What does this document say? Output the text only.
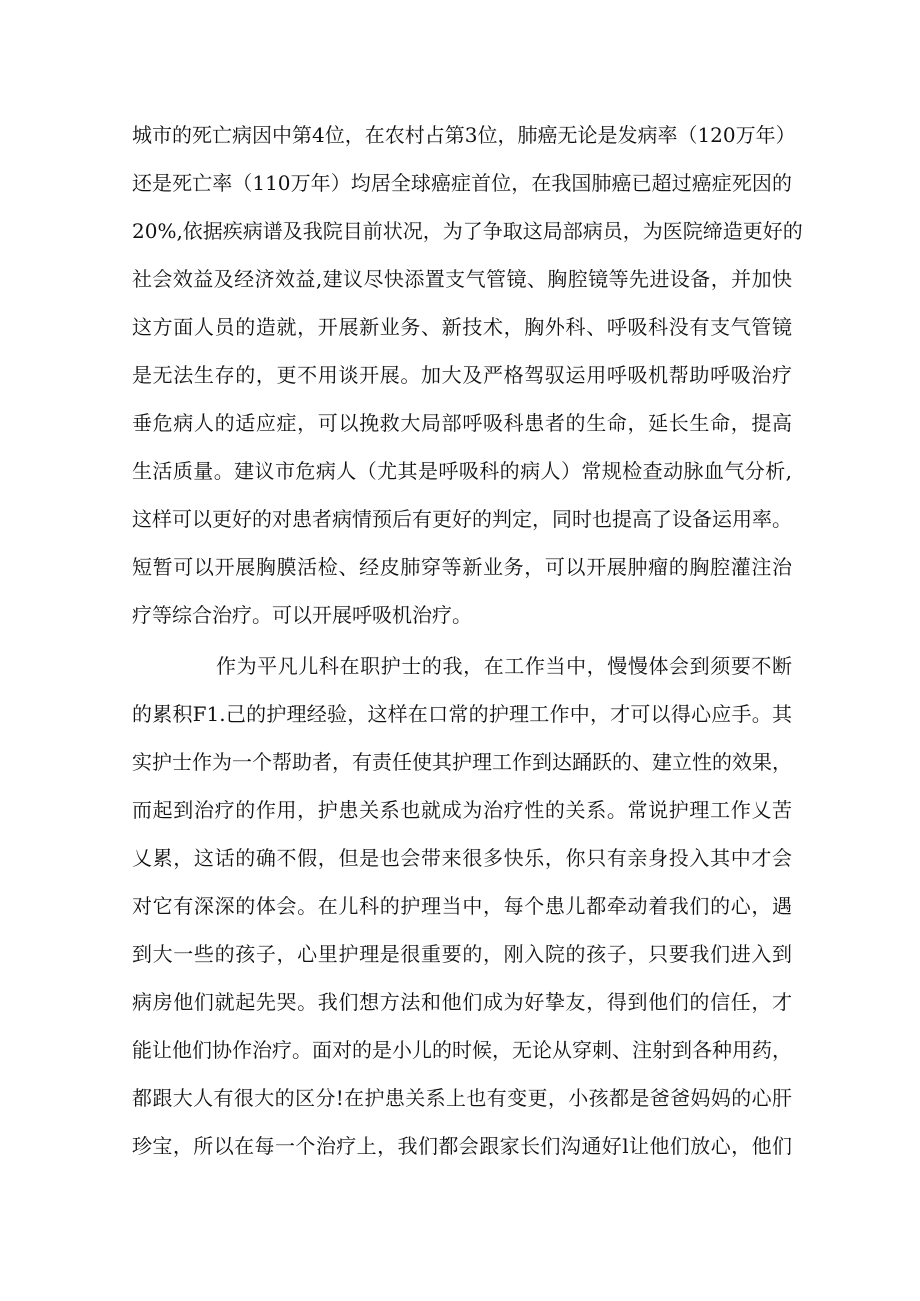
城市的死亡病因中第4位，在农村占第3位，肺癌无论是发病率（120万年）
还是死亡率（110万年）均居全球癌症首位，在我国肺癌已超过癌症死因的
20%,依据疾病谱及我院目前状况，为了争取这局部病员，为医院缔造更好的
社会效益及经济效益,建议尽快添置支气管镜、胸腔镜等先进设备，并加快
这方面人员的造就，开展新业务、新技术，胸外科、呼吸科没有支气管镜
是无法生存的，更不用谈开展。加大及严格驾驭运用呼吸机帮助呼吸治疗
垂危病人的适应症，可以挽救大局部呼吸科患者的生命，延长生命，提高
生活质量。建议市危病人（尤其是呼吸科的病人）常规检查动脉血气分析,
这样可以更好的对患者病情预后有更好的判定，同时也提高了设备运用率。
短暂可以开展胸膜活检、经皮肺穿等新业务，可以开展肿瘤的胸腔灌注治
疗等综合治疗。可以开展呼吸机治疗。
作为平凡儿科在职护士的我，在工作当中，慢慢体会到须要不断
的累积F1.己的护理经验，这样在口常的护理工作中，才可以得心应手。其
实护士作为一个帮助者，有责任使其护理工作到达踊跃的、建立性的效果，
而起到治疗的作用，护患关系也就成为治疗性的关系。常说护理工作乂苦
乂累，这话的确不假，但是也会带来很多快乐，你只有亲身投入其中才会
对它有深深的体会。在儿科的护理当中，每个患儿都牵动着我们的心，遇
到大一些的孩子，心里护理是很重要的，刚入院的孩子，只要我们进入到
病房他们就起先哭。我们想方法和他们成为好挚友，得到他们的信任，才
能让他们协作治疗。面对的是小儿的时候，无论从穿刺、注射到各种用药，
都跟大人有很大的区分!在护患关系上也有变更，小孩都是爸爸妈妈的心肝
珍宝，所以在每一个治疗上，我们都会跟家长们沟通好l让他们放心，他们
